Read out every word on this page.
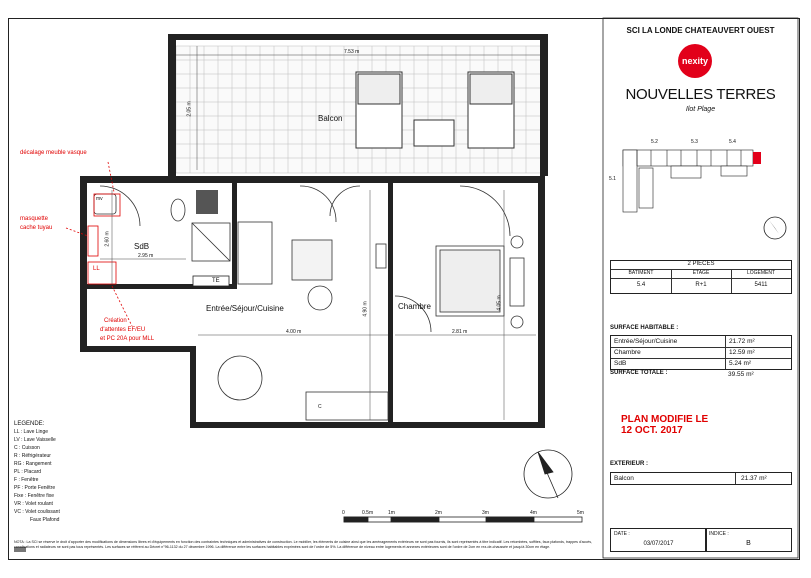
Balcon
SdB
Entrée/Séjour/Cuisine	Chambre
7.53 m
2.05 m
2.95 m
2.60 m
4.00 m
4.90 m
2.81 m
4.05 m
LL
TE
C
mv
décalage meuble vasque
masquette
cache tuyau
Création
d'attentes EF/EU
et PC 20A pour MLL
LEGENDE:
LL : Lave Linge
LV : Lave Vaisselle
C : Cuisson
R : Réfrigérateur
RG : Rangement
PL : Placard
F : Fenêtre
PF : Porte Fenêtre
Fixe : Fenêtre fixe
VR : Volet roulant
VC : Volet coulissant
Faux Plafond
0	0.5m	1m	2m	3m	4m	5m
NOTA : La SCI se réserve le droit d'apporter des modifications de dimensions libres et d'équipements en fonction des contraintes techniques et administratives de construction. Le mobilier, les éléments de cuisine ainsi que les aménagements extérieurs ne sont pas fournis, ils sont représentés à titre indicatif. Les retombées, soffites, faux plafonds, trappes d'accès, canalisations et radiateurs ne sont pas tous représentés. Les surfaces se réfèrent au Décret n°96-1132 du 27 décembre 1996. La différence entre les surfaces habitables exprimées sont de l'ordre de 5%. La différence de niveau entre logements et annexes extérieures sont de l'ordre de 2cm en rez-de-chaussée et jusqu'à 30cm en étage.
SCI LA LONDE CHATEAUVERT OUEST
nexity
NOUVELLES TERRES
Ilot Plage
5.1
5.2	5.3	5.4
2 PIECES
BATIMENT	ETAGE	LOGEMENT
5.4	R+1	5411
SURFACE HABITABLE :
Entrée/Séjour/Cuisine	21.72 m²
Chambre	12.59 m²
SdB	5.24 m²
SURFACE TOTALE :	39.55 m²
PLAN MODIFIE LE
12 OCT. 2017
EXTERIEUR :
Balcon	21.37 m²
DATE :
03/07/2017
INDICE :
B
